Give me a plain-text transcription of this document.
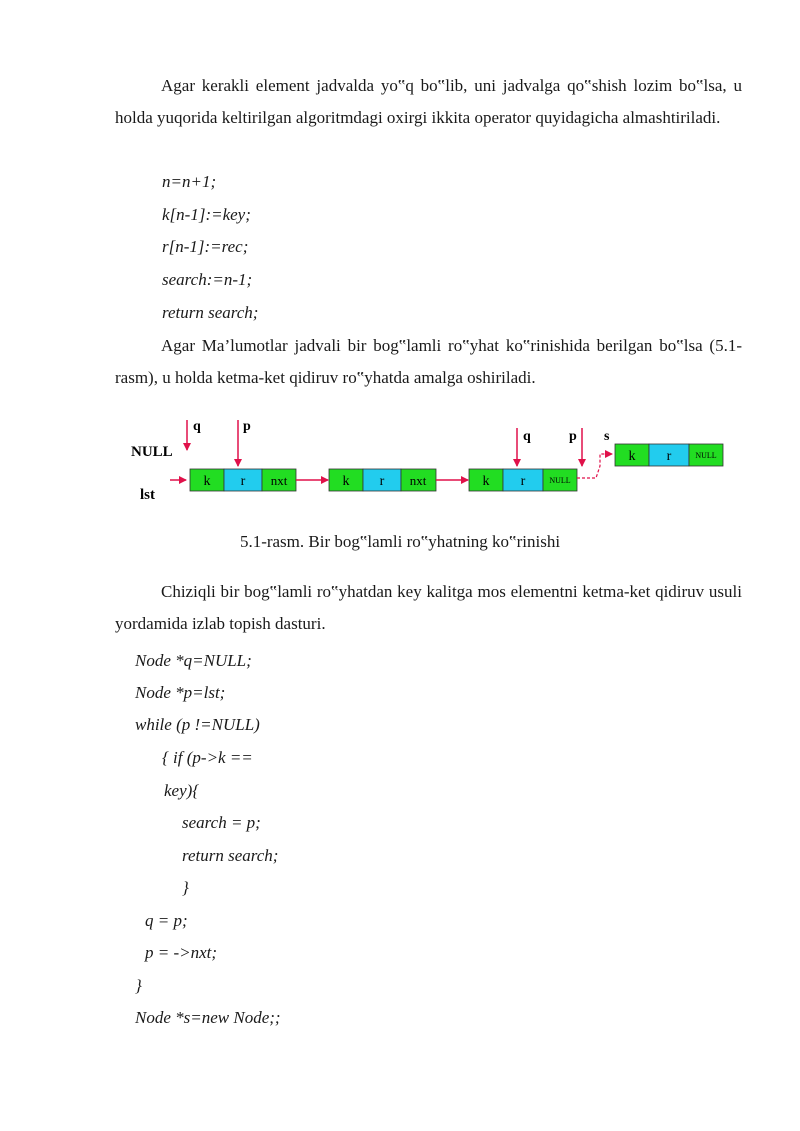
Agar kerakli element jadvalda yo‟q bo‟lib, uni jadvalga qo‟shish lozim bo‟lsa, u holda yuqorida keltirilgan algoritmdagi oxirgi ikkita operator quyidagicha almashtiriladi.

n=n+1;

k[n-1]:=key;

r[n-1]:=rec;

search:=n-1;

return search;

Agar Ma’lumotlar jadvali bir bog‟lamli ro‟yhat ko‟rinishida berilgan bo‟lsa (5.1-rasm), u holda ketma-ket qidiruv ro‟yhatda amalga oshiriladi.

NULL
lst
q	p
k r nxt	k r nxt
q	p
k r	NULL
s
k r	NULL
5.1-rasm. Bir bog‟lamli ro‟yhatning ko‟rinishi

Chiziqli bir bog‟lamli ro‟yhatdan key kalitga mos elementni ketma-ket qidiruv usuli yordamida izlab topish dasturi.

Node *q=NULL;

Node *p=lst;

while (p !=NULL)

{ if (p->k ==

key){

search = p;

return search;

}

q = p;

p = ->nxt;

}

Node *s=new Node;;
